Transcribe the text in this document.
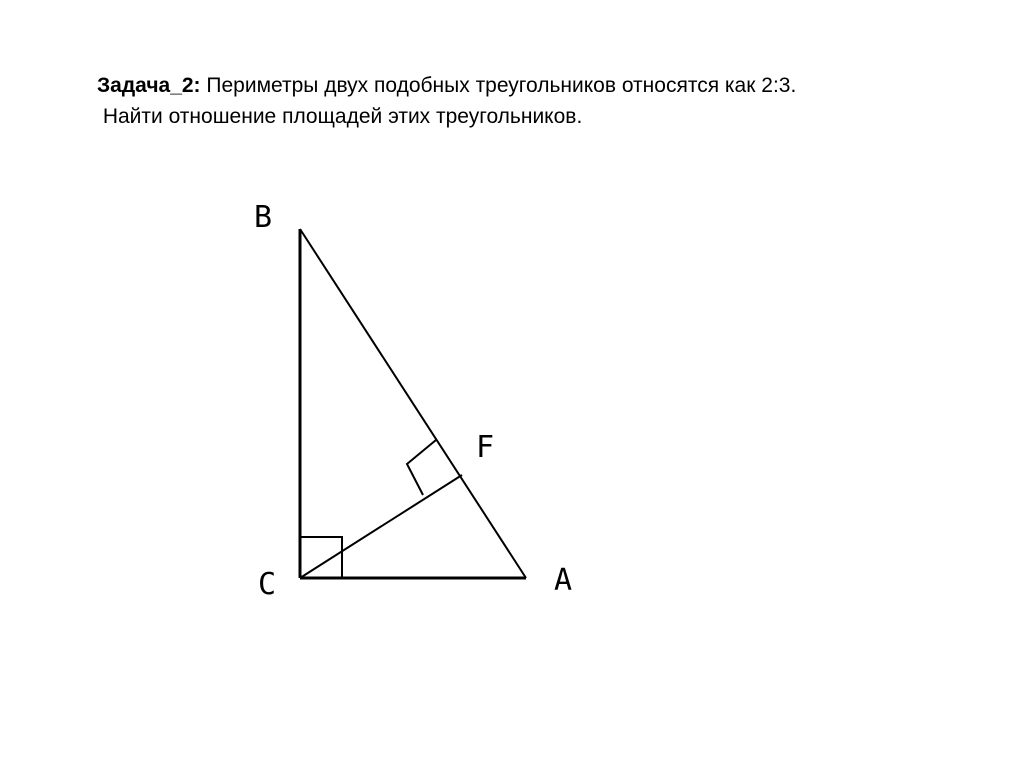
Задача_2: Периметры двух подобных треугольников относятся как 2:3.
Найти отношение площадей этих треугольников.
B
C	A
F
